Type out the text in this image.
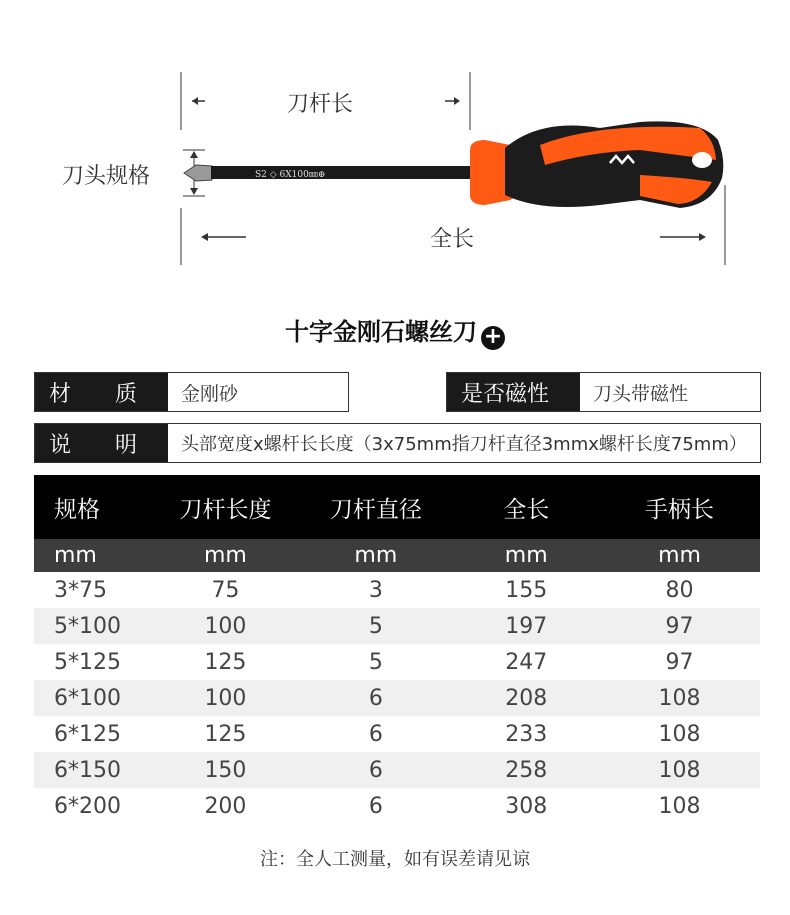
S2 ◇ 6X100㎜⊕
刀杆长
刀头规格
全长
十字金刚石螺丝刀 +
材　　质	金刚砂	是否磁性	刀头带磁性
说　　明	头部宽度x螺杆长长度（3x75mm指刀杆直径3mmx螺杆长度75mm）
规格	刀杆长度	刀杆直径	全长	手柄长
mm	mm	mm	mm	mm
3*75	75	3	155	80
5*100	100	5	197	97
5*125	125	5	247	97
6*100	100	6	208	108
6*125	125	6	233	108
6*150	150	6	258	108
6*200	200	6	308	108
注：全人工测量，如有误差请见谅
